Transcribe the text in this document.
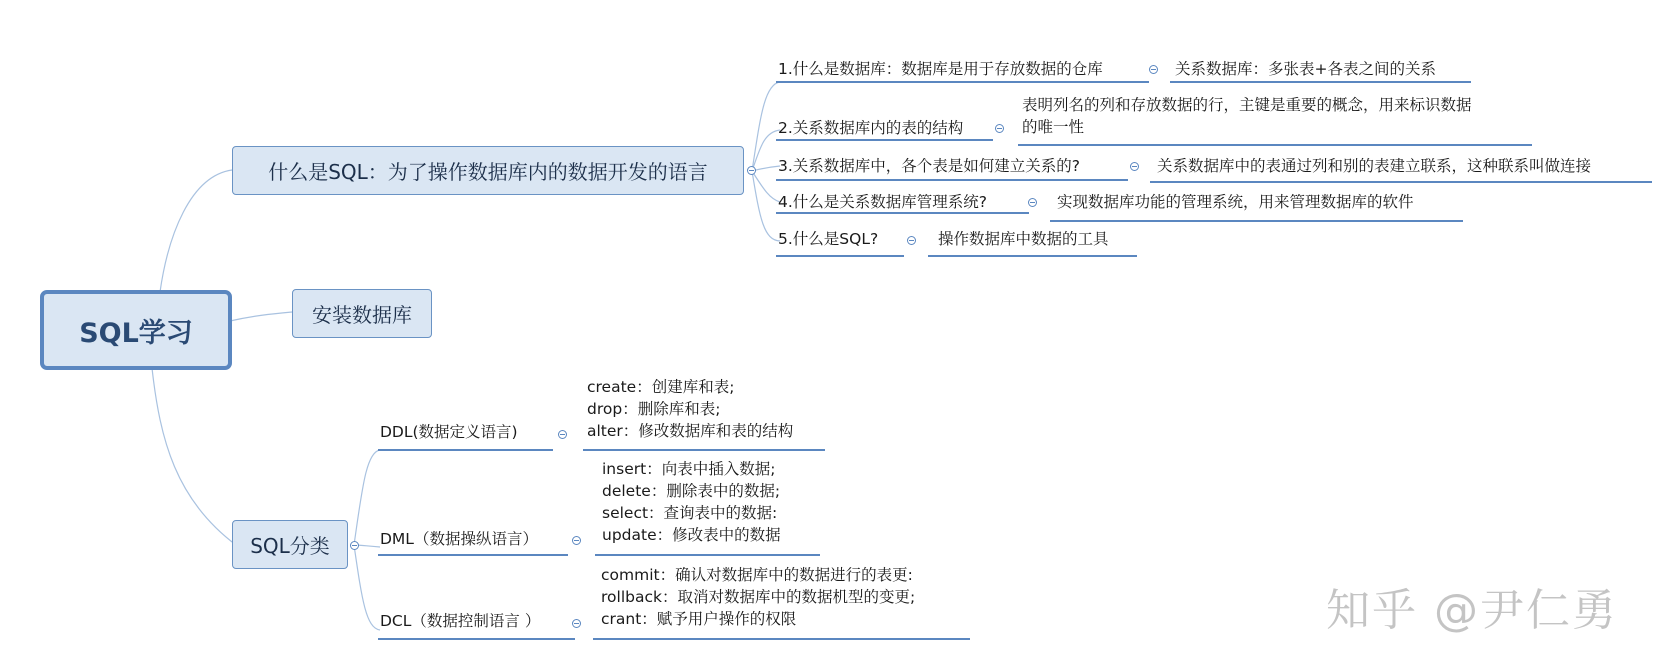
SQL学习
什么是SQL：为了操作数据库内的数据开发的语言
安装数据库
SQL分类
1.什么是数据库：数据库是用于存放数据的仓库	关系数据库：多张表+各表之间的关系
2.关系数据库内的表的结构
表明列名的列和存放数据的行，主键是重要的概念，用来标识数据
的唯一性
3.关系数据库中，各个表是如何建立关系的?	关系数据库中的表通过列和别的表建立联系，这种联系叫做连接
4.什么是关系数据库管理系统?	实现数据库功能的管理系统，用来管理数据库的软件
5.什么是SQL?	操作数据库中数据的工具
DDL(数据定义语言)
create：创建库和表;
drop：删除库和表;
alter：修改数据库和表的结构
DML（数据操纵语言）
insert：向表中插入数据;
delete：删除表中的数据;
select：查询表中的数据:
update：修改表中的数据
DCL（数据控制语言 ）
commit：确认对数据库中的数据进行的表更:
rollback：取消对数据库中的数据机型的变更;
crant：赋予用户操作的权限	知乎 @尹仁勇
